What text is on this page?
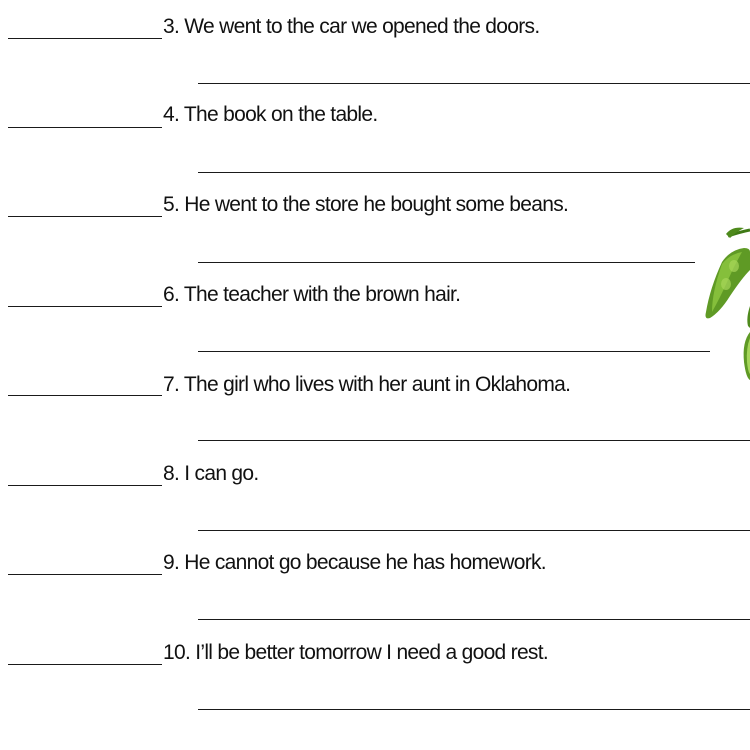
3. We went to the car we opened the doors.
4. The book on the table.
5. He went to the store he bought some beans.
6. The teacher with the brown hair.
7. The girl who lives with her aunt in Oklahoma.
8. I can go.
9. He cannot go because he has homework.
10. I’ll be better tomorrow I need a good rest.
